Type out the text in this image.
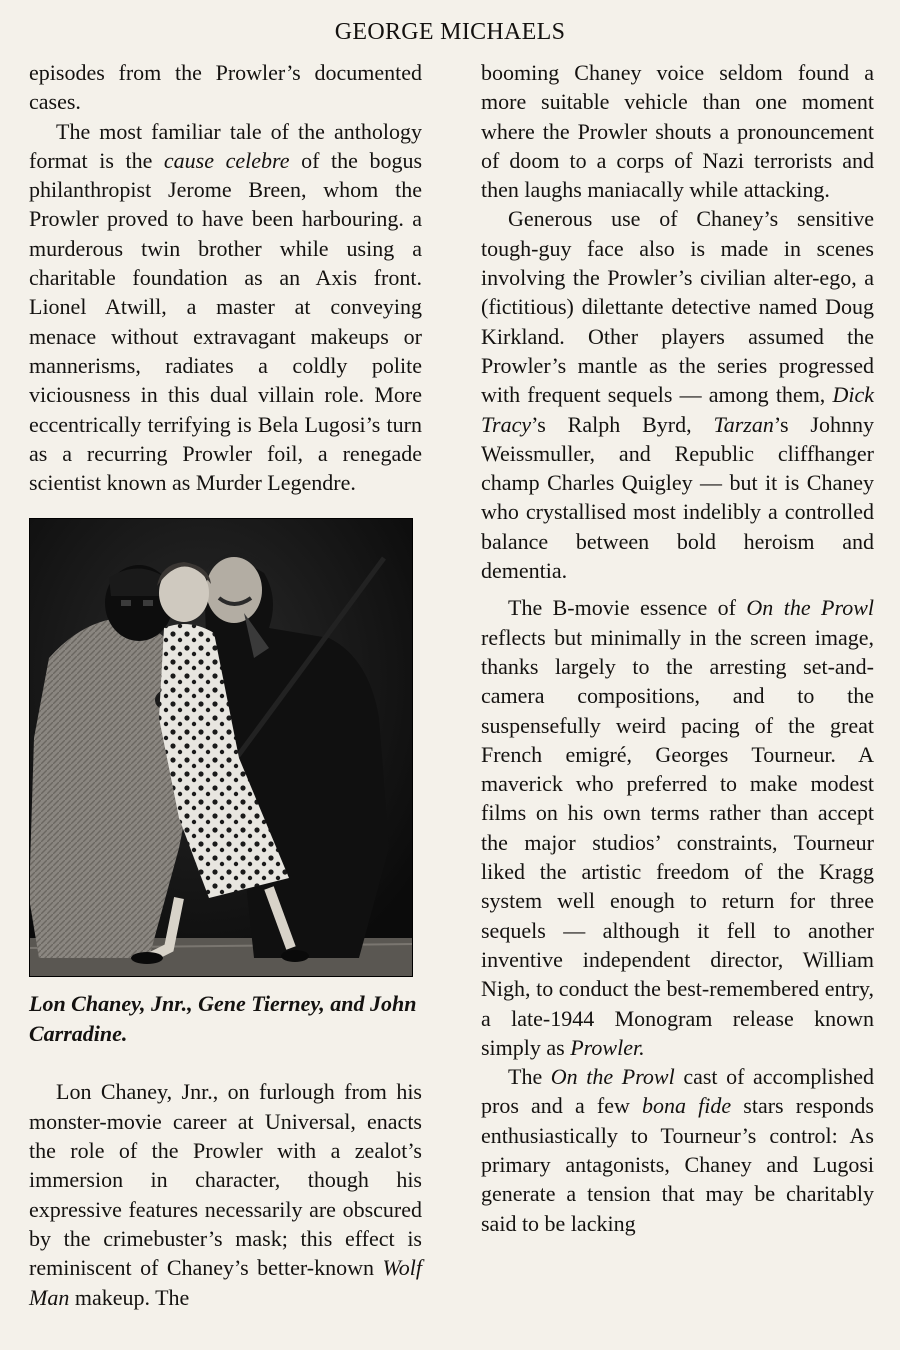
GEORGE MICHAELS

episodes from the Prowler’s documented cases.

The most familiar tale of the anthology format is the cause celebre of the bogus philanthropist Jerome Breen, whom the Prowler proved to have been harbouring. a murderous twin brother while using a charitable foundation as an Axis front. Lionel Atwill, a master at conveying menace without extravagant makeups or mannerisms, radiates a coldly polite viciousness in this dual villain role. More eccentrically terrifying is Bela Lugosi’s turn as a recurring Prowler foil, a renegade scientist known as Murder Legendre.

Lon Chaney, Jnr., Gene Tierney, and John Carradine.

Lon Chaney, Jnr., on furlough from his monster-movie career at Universal, enacts the role of the Prowler with a zealot’s immersion in character, though his expressive features necessarily are obscured by the crimebuster’s mask; this effect is reminiscent of Chaney’s better-known Wolf Man makeup. The

booming Chaney voice seldom found a more suitable vehicle than one moment where the Prowler shouts a pronouncement of doom to a corps of Nazi terrorists and then laughs maniacally while attacking.

Generous use of Chaney’s sensitive tough-guy face also is made in scenes involving the Prowler’s civilian alter-ego, a (fictitious) dilettante detective named Doug Kirkland. Other players assumed the Prowler’s mantle as the series progressed with frequent sequels — among them, Dick Tracy’s Ralph Byrd, Tarzan’s Johnny Weissmuller, and Republic cliffhanger champ Charles Quigley — but it is Chaney who crystallised most indelibly a controlled balance between bold heroism and dementia.

The B-movie essence of On the Prowl reflects but minimally in the screen image, thanks largely to the arresting set-and-camera compositions, and to the suspensefully weird pacing of the great French emigré, Georges Tourneur. A maverick who preferred to make modest films on his own terms rather than accept the major studios’ constraints, Tourneur liked the artistic freedom of the Kragg system well enough to return for three sequels — although it fell to another inventive independent director, William Nigh, to conduct the best-remembered entry, a late-1944 Monogram release known simply as Prowler.

The On the Prowl cast of accomplished pros and a few bona fide stars responds enthusiastically to Tourneur’s control: As primary antagonists, Chaney and Lugosi generate a tension that may be charitably said to be lacking
